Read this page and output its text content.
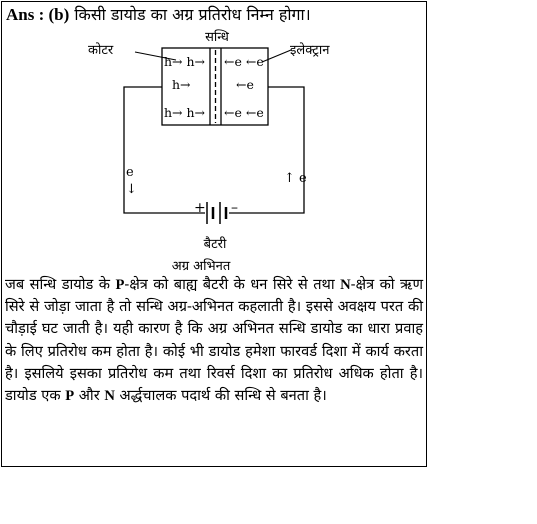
Ans : (b) किसी डायोड का अग्र प्रतिरोध निम्न होगा।
h→ h→
h→
h→ h→
←e ←e
←e
←e ←e
सन्धि
कोटर	इलेक्ट्रान
e
↓
↑ e
+ –
बैटरी
अग्र अभिनत
जब सन्धि डायोड के P-क्षेत्र को बाह्य बैटरी के धन सिरे से तथा N-क्षेत्र को ऋण सिरे से जोड़ा जाता है तो सन्धि अग्र-अभिनत कहलाती है। इससे अवक्षय परत की चौड़ाई घट जाती है। यही कारण है कि अग्र अभिनत सन्धि डायोड का धारा प्रवाह के लिए प्रतिरोध कम होता है। कोई भी डायोड हमेशा फारवर्ड दिशा में कार्य करता है। इसलिये इसका प्रतिरोध कम तथा रिवर्स दिशा का प्रतिरोध अधिक होता है। डायोड एक P और N अर्द्धचालक पदार्थ की सन्धि से बनता है।
